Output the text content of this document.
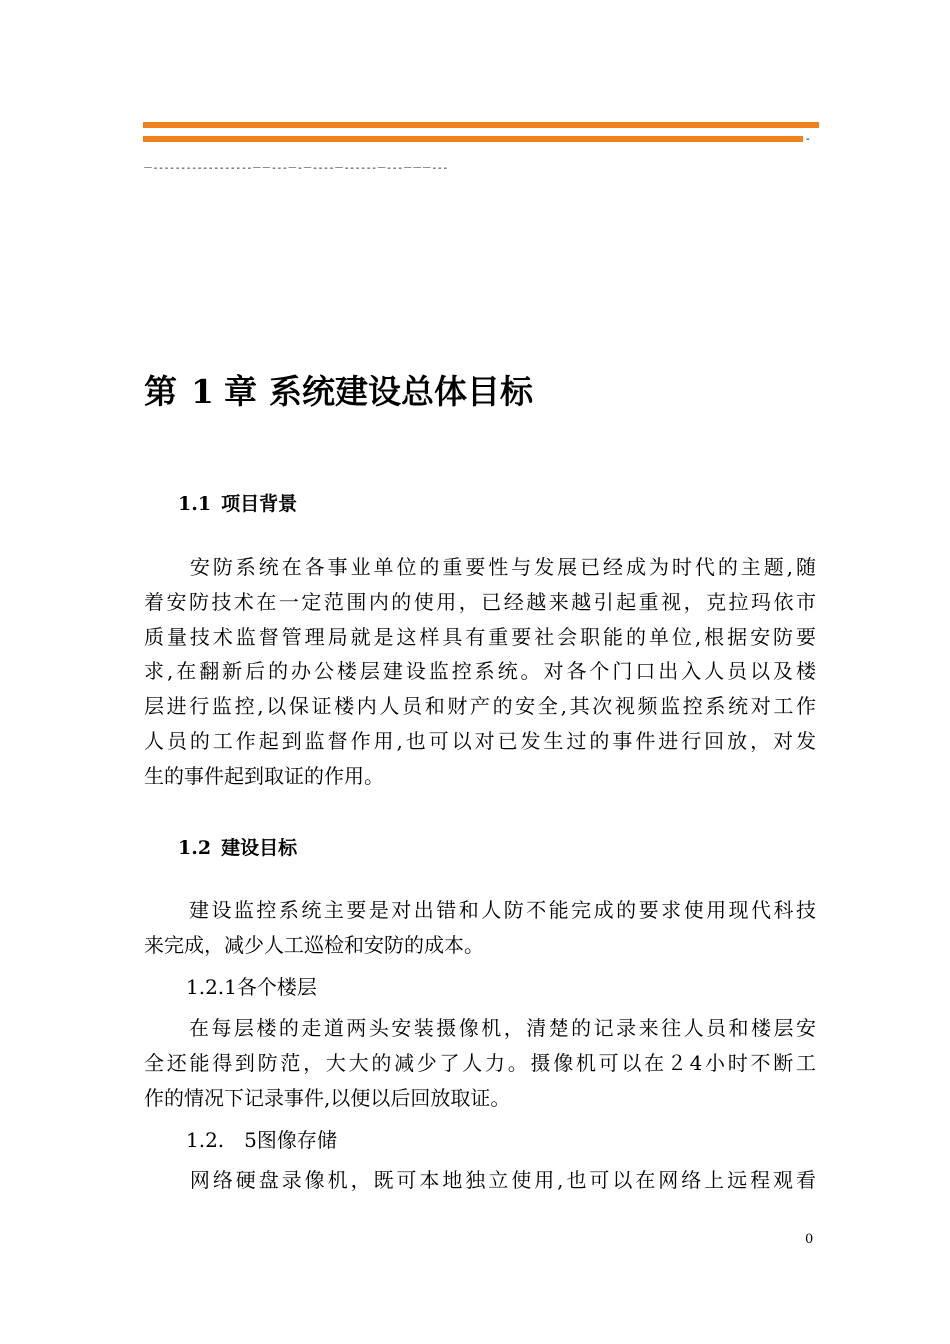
-
－------------------－－---－-－----－------－---－－－---
第 1 章 系统建设总体目标
1.1 项目背景
　　安防系统在各事业单位的重要性与发展已经成为时代的主题,随
着安防技术在一定范围内的使用，已经越来越引起重视，克拉玛依市
质量技术监督管理局就是这样具有重要社会职能的单位,根据安防要
求,在翻新后的办公楼层建设监控系统。对各个门口出入人员以及楼
层进行监控,以保证楼内人员和财产的安全,其次视频监控系统对工作
人员的工作起到监督作用,也可以对已发生过的事件进行回放，对发
生的事件起到取证的作用。
1.2 建设目标
　　建设监控系统主要是对出错和人防不能完成的要求使用现代科技
来完成，减少人工巡检和安防的成本。
1.2.1各个楼层
　　在每层楼的走道两头安装摄像机，清楚的记录来往人员和楼层安
全还能得到防范，大大的减少了人力。摄像机可以在２4小时不断工
作的情况下记录事件,以便以后回放取证。
1.2.　5图像存储
　　网络硬盘录像机，既可本地独立使用,也可以在网络上远程观看
0
